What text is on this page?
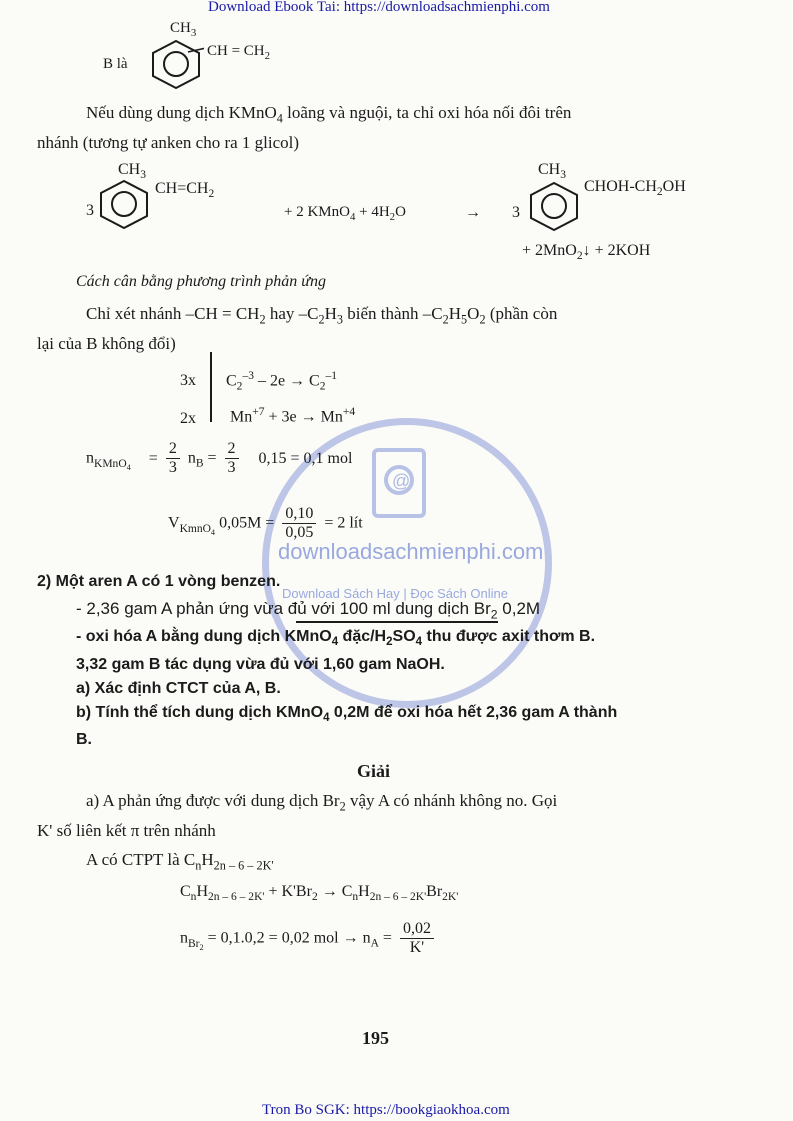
Download Ebook Tai: https://downloadsachmienphi.com
Tron Bo SGK: https://bookgiaokhoa.com
@
downloadsachmienphi.com
Download Sách Hay | Đọc Sách Online
B là
$CH_3$
CH = $CH_2$
Nếu dùng dung dịch KMnO$_4$ loãng và nguội, ta chỉ oxi hóa nối đôi trên
nhánh (tương tự anken cho ra 1 glicol)
3
$CH_3$
$CH=CH_2$
+ 2 KMnO$_4$ + $4H_2O$	→ 3
$CH_3$
CHOH-$CH_2OH$
+ 2MnO$_2$↓ + 2KOH
Cách cân bằng phương trình phản ứng
Chỉ xét nhánh $-CH = CH_2$ hay $-C_2H_3$ biến thành $-C_2H_5O_2$ (phần còn
lại của B không đổi)
3x $C_2^{-3} - 2e \to C_2^{-1}$
2x $Mn^{+7} + 3e \to Mn^{+4}$
$n_{KMnO_4} = \frac{2}{3} n_B = \frac{2}{3} 0,15 = 0,1$ mol
$V_{KmnO_4}$ $0,05M = \frac{0,10}{0,05} = 2$ lít
2) Một aren A có 1 vòng benzen.
- 2,36 gam A phản ứng vừa đủ với 100 ml dung dịch $Br_2$ 0,2M
- oxi hóa A bằng dung dịch KMnO$_4$ đặc/$H_2SO_4$ thu được axit thơm B.
3,32 gam B tác dụng vừa đủ với 1,60 gam NaOH.
a) Xác định CTCT của A, B.
b) Tính thể tích dung dịch KMnO$_4$ 0,2M để oxi hóa hết 2,36 gam A thành
B.
Giải
a) A phản ứng được với dung dịch $Br_2$ vậy A có nhánh không no. Gọi
K' số liên kết π trên nhánh
A có CTPT là $C_nH_{2n - 6 - 2K'}$
$C_nH_{2n - 6 - 2K'} + K'Br_2 \to C_nH_{2n - 6 - 2K'}Br_{2K'}$
$n_{Br_2} = 0,1.0,2 = 0,02$ mol → $n_A = \frac{0,02}{K'}$
195
